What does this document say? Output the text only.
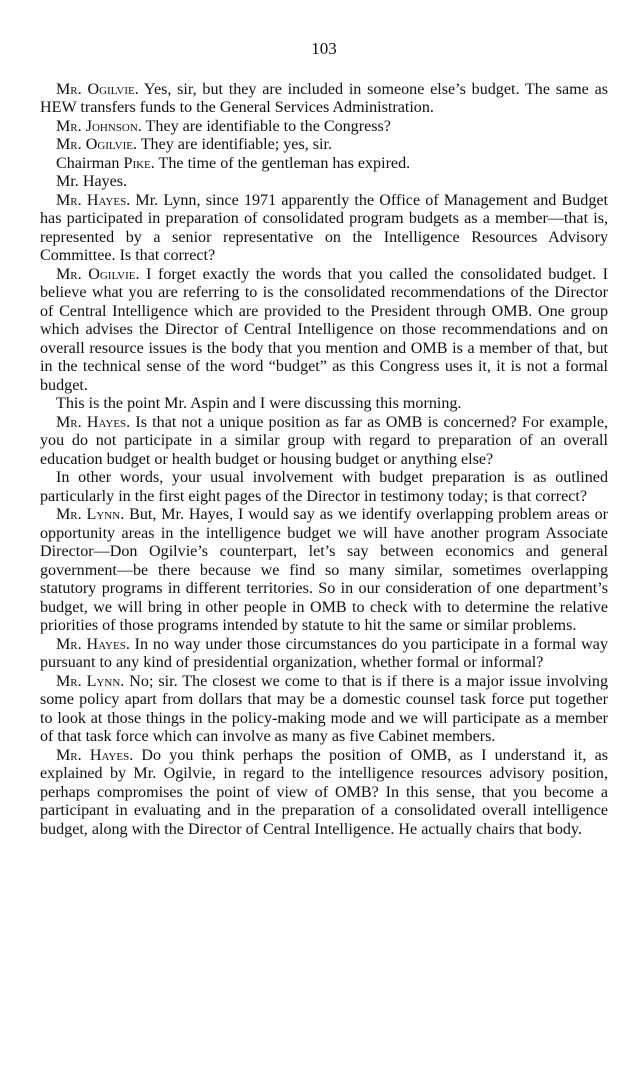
103

Mr. Ogilvie. Yes, sir, but they are included in someone else’s budget. The same as HEW transfers funds to the General Services Administration.

Mr. Johnson. They are identifiable to the Congress?

Mr. Ogilvie. They are identifiable; yes, sir.

Chairman Pike. The time of the gentleman has expired.

Mr. Hayes.

Mr. Hayes. Mr. Lynn, since 1971 apparently the Office of Management and Budget has participated in preparation of consolidated program budgets as a member—that is, represented by a senior representative on the Intelligence Resources Advisory Committee. Is that correct?

Mr. Ogilvie. I forget exactly the words that you called the consolidated budget. I believe what you are referring to is the consolidated recommendations of the Director of Central Intelligence which are provided to the President through OMB. One group which advises the Director of Central Intelligence on those recommendations and on overall resource issues is the body that you mention and OMB is a member of that, but in the technical sense of the word “budget” as this Congress uses it, it is not a formal budget.

This is the point Mr. Aspin and I were discussing this morning.

Mr. Hayes. Is that not a unique position as far as OMB is concerned? For example, you do not participate in a similar group with regard to preparation of an overall education budget or health budget or housing budget or anything else?

In other words, your usual involvement with budget preparation is as outlined particularly in the first eight pages of the Director in testimony today; is that correct?

Mr. Lynn. But, Mr. Hayes, I would say as we identify overlapping problem areas or opportunity areas in the intelligence budget we will have another program Associate Director—Don Ogilvie’s counterpart, let’s say between economics and general government—be there because we find so many similar, sometimes overlapping statutory programs in different territories. So in our consideration of one department’s budget, we will bring in other people in OMB to check with to determine the relative priorities of those programs intended by statute to hit the same or similar problems.

Mr. Hayes. In no way under those circumstances do you participate in a formal way pursuant to any kind of presidential organization, whether formal or informal?

Mr. Lynn. No; sir. The closest we come to that is if there is a major issue involving some policy apart from dollars that may be a domestic counsel task force put together to look at those things in the policy-making mode and we will participate as a member of that task force which can involve as many as five Cabinet members.

Mr. Hayes. Do you think perhaps the position of OMB, as I understand it, as explained by Mr. Ogilvie, in regard to the intelligence resources advisory position, perhaps compromises the point of view of OMB? In this sense, that you become a participant in evaluating and in the preparation of a consolidated overall intelligence budget, along with the Director of Central Intelligence. He actually chairs that body.
